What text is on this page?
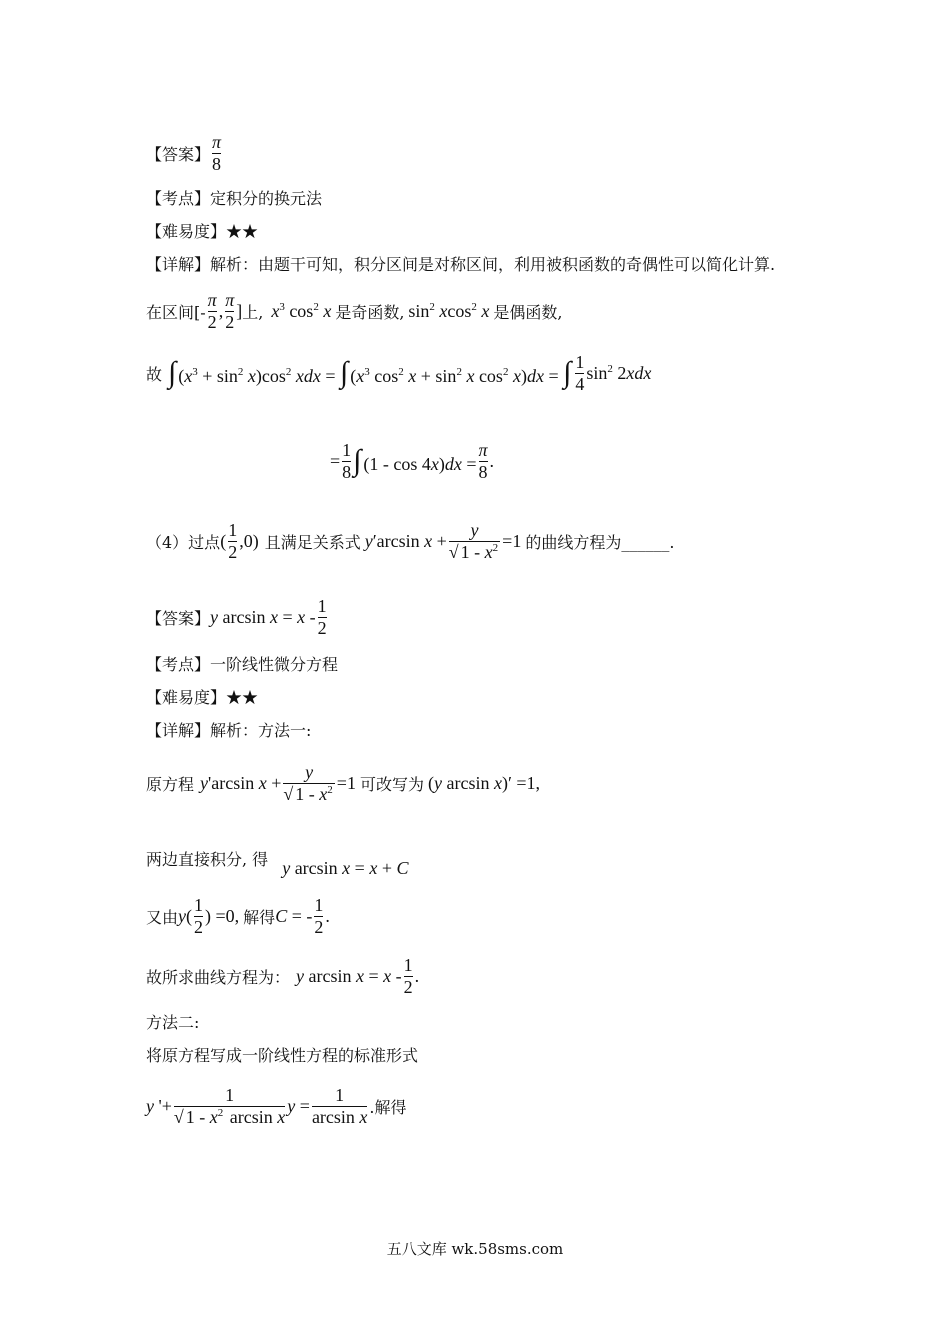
【答案】 $\frac{\pi}{8}$
【考点】定积分的换元法
【难易度】★★
【详解】解析：由题干可知，积分区间是对称区间，利用被积函数的奇偶性可以简化计算.
在区间[- $\frac{\pi}{2}$ , $\frac{\pi}{2}$ ] 上, $x^3$ $\cos^2 x$ 是奇函数, $\sin^2 xcos^2$ x 是偶函数,
故 ∫ $(x^3 + \sin^2 x)\cos^2$ xdx = ∫ ($x^3$ $\cos^2 x + \sin^2 x$ $\cos^2 x)dx$ = ∫ $\frac{1}{4} \sin^2 2xdx$
= $\frac{1}{8}$ ∫ $(1 - \cos 4x)dx = \frac{\pi}{8}$ .
（4）过点 ( $\frac{1}{2} ,0$) 且满足关系式 y′arcsin $x + \frac{y}{√ 1 - x^2} =1$ 的曲线方程为______.
【答案】 y $\arcsin x = x - \frac{1}{2}$
【考点】一阶线性微分方程
【难易度】★★
【详解】解析：方法一:
原方程 y'arcsin $x + \frac{y}{√ 1 - x^2} =1$ 可改写为 (y arcsin x)′ =1,
两边直接积分, 得 y arcsin x = x + C
又由 $y( \frac{1}{2}$ ) =0, 解得 C = - $\frac{1}{2}$ .
故所求曲线方程为： y $\arcsin x = x - \frac{1}{2}$ .
方法二:
将原方程写成一阶线性方程的标准形式
y '+ $\frac{1}{√ 1 - x^2 \arcsin x}$ $y = \frac{1}{\text{arcsin x}}$ .解得
五八文库 wk.58sms.com
